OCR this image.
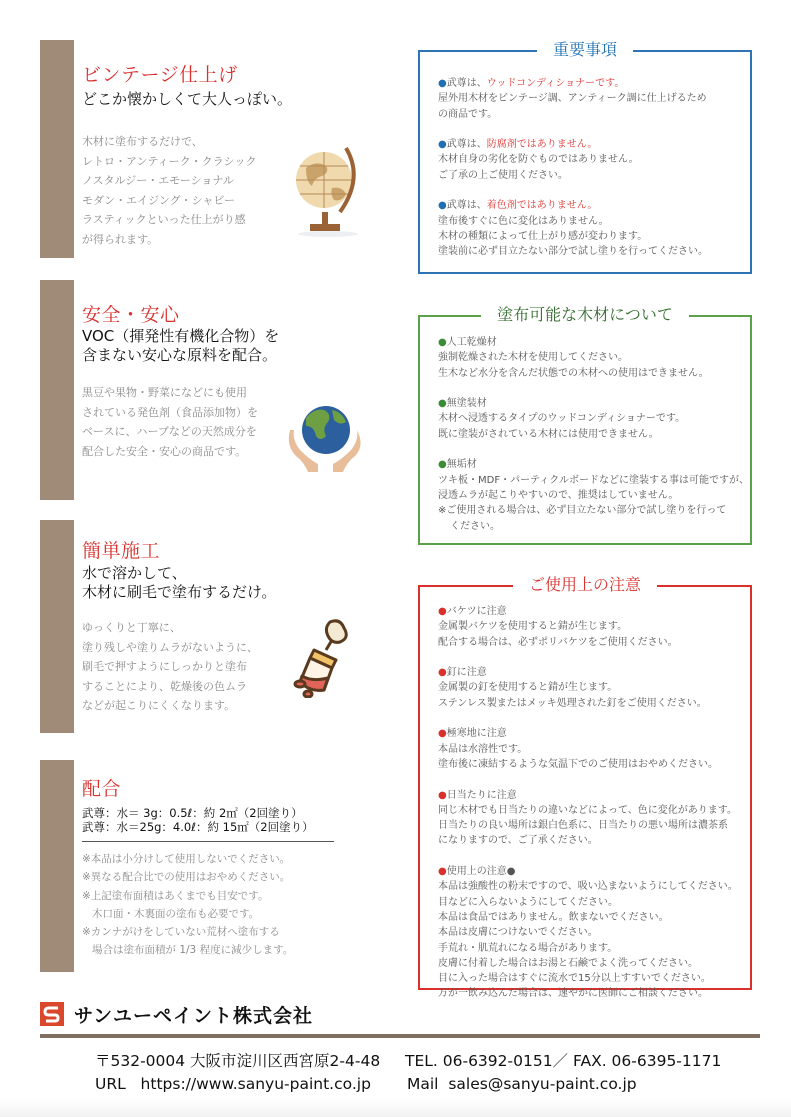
ビンテージ仕上げ
どこか懐かしくて大人っぽい。
木材に塗布するだけで、
レトロ・アンティーク・クラシック
ノスタルジー・エモーショナル
モダン・エイジング・シャビー
ラスティックといった仕上がり感
が得られます。
安全・安心
VOC（揮発性有機化合物）を
含まない安心な原料を配合。
黒豆や果物・野菜になどにも使用
されている発色剤（食品添加物）を
ベースに、ハーブなどの天然成分を
配合した安全・安心の商品です。
簡単施工
水で溶かして、
木材に刷毛で塗布するだけ。
ゆっくりと丁寧に、
塗り残しや塗りムラがないように、
刷毛で押すようにしっかりと塗布
することにより、乾燥後の色ムラ
などが起こりにくくなります。
配合
武尊：水＝ 3g：0.5ℓ：約 2㎡（2回塗り）
武尊：水＝25g：4.0ℓ：約 15㎡（2回塗り）
※本品は小分けして使用しないでください。
※異なる配合比での使用はおやめください。
※上記塗布面積はあくまでも目安です。
木口面・木裏面の塗布も必要です。
※カンナがけをしていない荒材へ塗布する
場合は塗布面積が 1/3 程度に減少します。
重要事項
●武尊は、ウッドコンディショナーです。
屋外用木材をビンテージ調、アンティーク調に仕上げるため
の商品です。
●武尊は、防腐剤ではありません。
木材自身の劣化を防ぐものではありません。
ご了承の上ご使用ください。
●武尊は、着色剤ではありません。
塗布後すぐに色に変化はありません。
木材の種類によって仕上がり感が変わります。
塗装前に必ず目立たない部分で試し塗りを行ってください。
塗布可能な木材について
●人工乾燥材
強制乾燥された木材を使用してください。
生木など水分を含んだ状態での木材への使用はできません。
●無塗装材
木材へ浸透するタイプのウッドコンディショナーです。
既に塗装がされている木材には使用できません。
●無垢材
ツキ板・MDF・パーティクルボードなどに塗装する事は可能ですが、
浸透ムラが起こりやすいので、推奨はしていません。
※ご使用される場合は、必ず目立たない部分で試し塗りを行って
ください。
ご使用上の注意
●バケツに注意
金属製バケツを使用すると錆が生じます。
配合する場合は、必ずポリバケツをご使用ください。
●釘に注意
金属製の釘を使用すると錆が生じます。
ステンレス製またはメッキ処理された釘をご使用ください。
●極寒地に注意
本品は水溶性です。
塗布後に凍結するような気温下でのご使用はおやめください。
●日当たりに注意
同じ木材でも日当たりの違いなどによって、色に変化があります。
日当たりの良い場所は銀白色系に、日当たりの悪い場所は濃茶系
になりますので、ご了承ください。
●使用上の注意●
本品は強酸性の粉末ですので、吸い込まないようにしてください。
目などに入らないようにしてください。
本品は食品ではありません。飲まないでください。
本品は皮膚につけないでください。
手荒れ・肌荒れになる場合があります。
皮膚に付着した場合はお湯と石鹸でよく洗ってください。
目に入った場合はすぐに流水で15分以上すすいでください。
万が一飲み込んだ場合は、速やかに医師にご相談ください。
サンユーペイント株式会社
〒532-0004 大阪市淀川区西宮原2-4-48 TEL. 06-6392-0151／ FAX. 06-6395-1171
URL https://www.sanyu-paint.co.jp Mail sales@sanyu-paint.co.jp
